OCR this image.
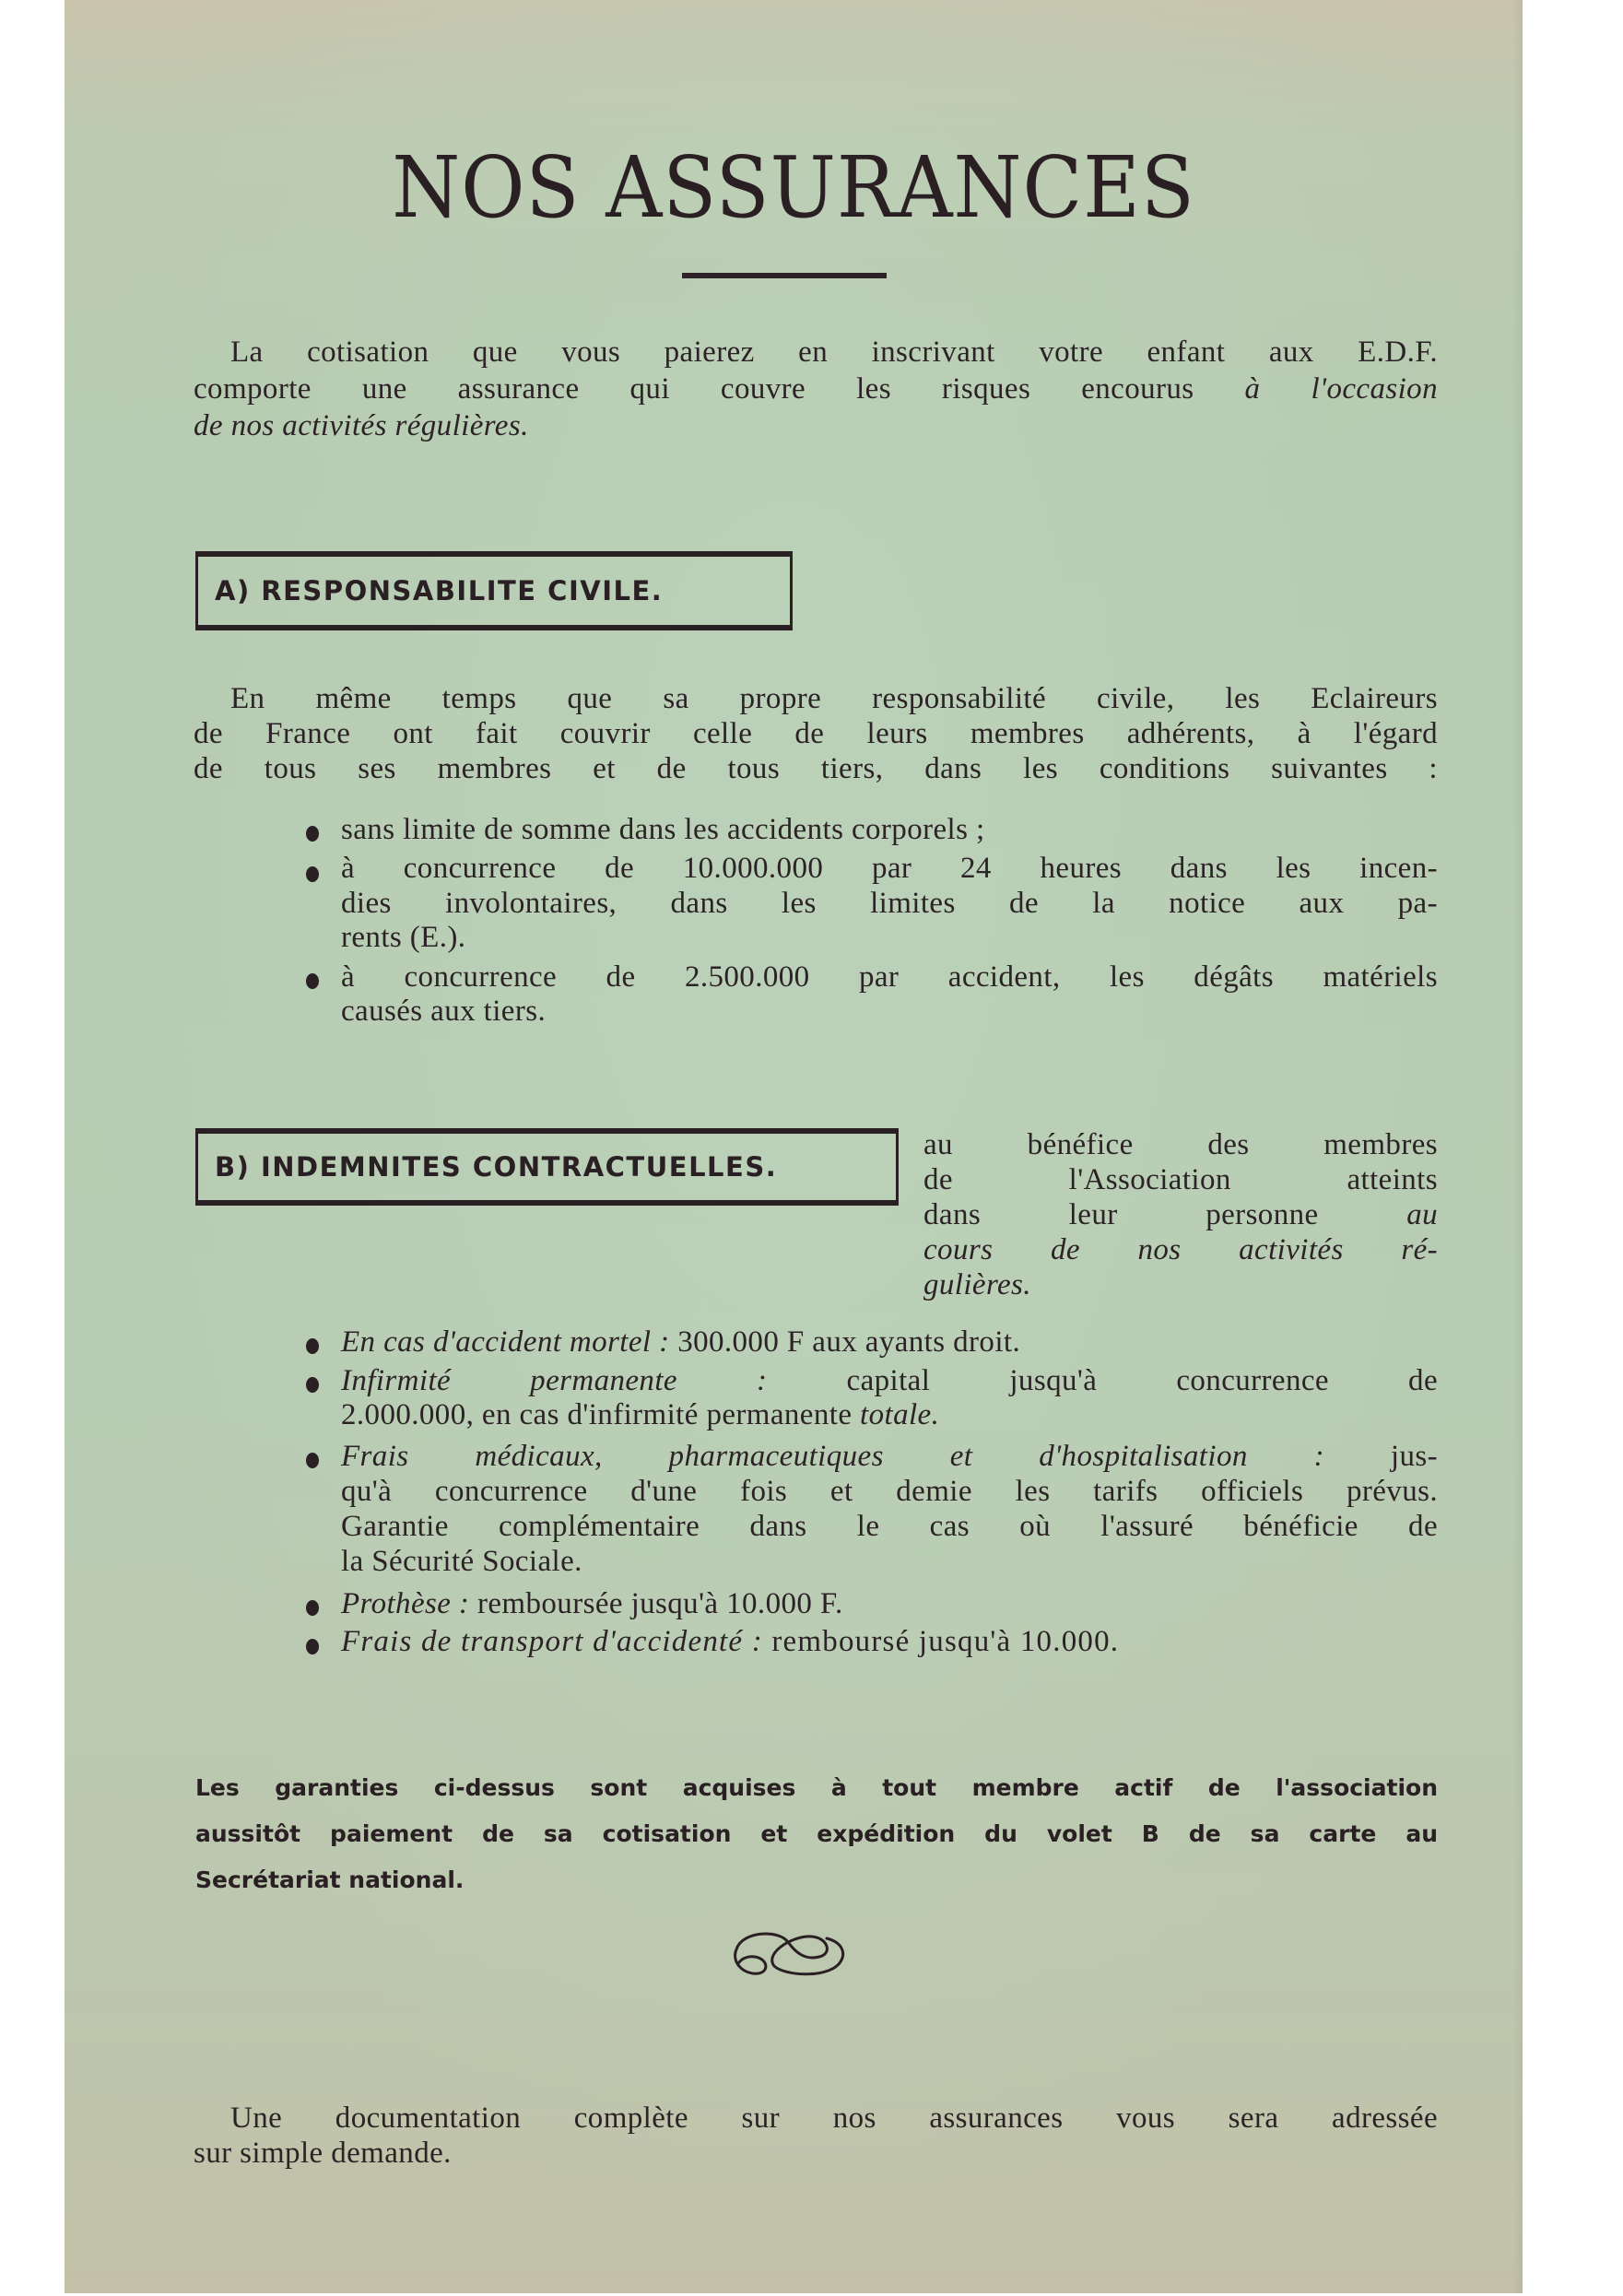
NOS ASSURANCES
La cotisation que vous paierez en inscrivant votre enfant aux E.D.F.
comporte une assurance qui couvre les risques encourus à l'occasion
de nos activités régulières.
A) RESPONSABILITE CIVILE.
En même temps que sa propre responsabilité civile, les Eclaireurs
de France ont fait couvrir celle de leurs membres adhérents, à l'égard
de tous ses membres et de tous tiers, dans les conditions suivantes :
sans limite de somme dans les accidents corporels ;
à concurrence de 10.000.000 par 24 heures dans les incen-
dies involontaires, dans les limites de la notice aux pa-
rents (E.).
à concurrence de 2.500.000 par accident, les dégâts matériels
causés aux tiers.
B) INDEMNITES CONTRACTUELLES.
au bénéfice des membres
de l'Association atteints
dans leur personne	au
cours de nos activités ré-
gulières.
En cas d'accident mortel : 300.000 F aux ayants droit.
Infirmité permanente :	capital jusqu'à concurrence de
2.000.000, en cas d'infirmité permanente totale.
Frais médicaux, pharmaceutiques et d'hospitalisation : jus-
qu'à concurrence d'une fois et demie les tarifs officiels prévus.
Garantie complémentaire dans le cas où l'assuré bénéficie de
la Sécurité Sociale.
Prothèse : remboursée jusqu'à 10.000 F.
Frais de transport d'accidenté : remboursé jusqu'à 10.000.
Les garanties ci-dessus sont acquises à tout membre actif de l'association
aussitôt paiement de sa cotisation et expédition du volet B de sa carte au
Secrétariat national.
Une documentation complète sur nos assurances vous sera adressée
sur simple demande.
